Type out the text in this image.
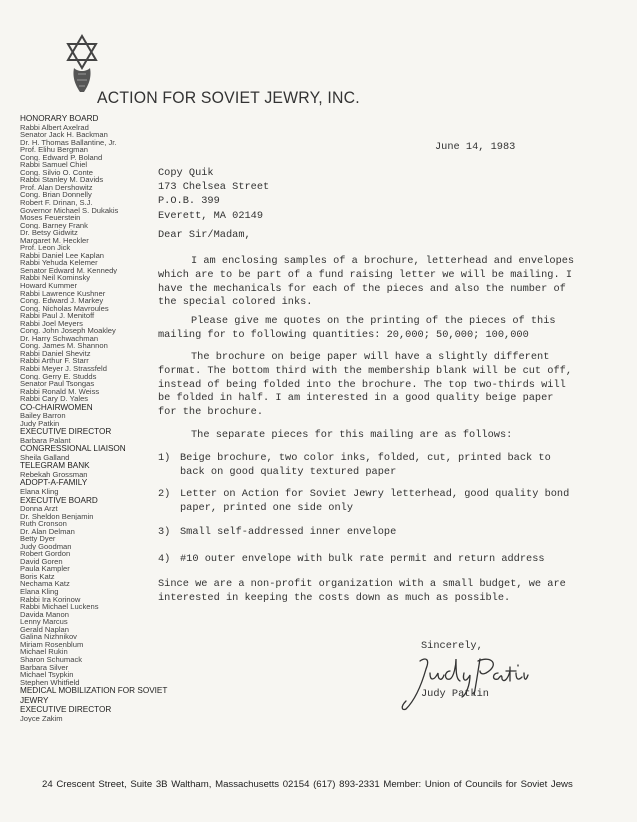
ACTION FOR SOVIET JEWRY, INC.
HONORARY BOARD
Rabbi Albert Axelrad
Senator Jack H. Backman
Dr. H. Thomas Ballantine, Jr.
Prof. Elihu Bergman
Cong. Edward P. Boland
Rabbi Samuel Chiel
Cong. Silvio O. Conte
Rabbi Stanley M. Davids
Prof. Alan Dershowitz
Cong. Brian Donnelly
Robert F. Drinan, S.J.
Governor Michael S. Dukakis
Moses Feuerstein
Cong. Barney Frank
Dr. Betsy Gidwitz
Margaret M. Heckler
Prof. Leon Jick
Rabbi Daniel Lee Kaplan
Rabbi Yehuda Kelemer
Senator Edward M. Kennedy
Rabbi Neil Kominsky
Howard Kummer
Rabbi Lawrence Kushner
Cong. Edward J. Markey
Cong. Nicholas Mavroules
Rabbi Paul J. Menitoff
Rabbi Joel Meyers
Cong. John Joseph Moakley
Dr. Harry Schwachman
Cong. James M. Shannon
Rabbi Daniel Shevitz
Rabbi Arthur F. Starr
Rabbi Meyer J. Strassfeld
Cong. Gerry E. Studds
Senator Paul Tsongas
Rabbi Ronald M. Weiss
Rabbi Cary D. Yales
CO-CHAIRWOMEN
Bailey Barron
Judy Patkin
EXECUTIVE DIRECTOR
Barbara Palant
CONGRESSIONAL LIAISON
Sheila Galland
TELEGRAM BANK
Rebekah Grossman
ADOPT-A-FAMILY
Elana Kling
EXECUTIVE BOARD
Donna Arzt
Dr. Sheldon Benjamin
Ruth Cronson
Dr. Alan Delman
Betty Dyer
Judy Goodman
Robert Gordon
David Goren
Paula Kampler
Boris Katz
Nechama Katz
Elana Kling
Rabbi Ira Korinow
Rabbi Michael Luckens
Davida Manon
Lenny Marcus
Gerald Naplan
Galina Nizhnikov
Miriam Rosenblum
Michael Rukin
Sharon Schumack
Barbara Silver
Michael Tsypkin
Stephen Whitfield
MEDICAL MOBILIZATION FOR SOVIET JEWRY
EXECUTIVE DIRECTOR
Joyce Zakim
June 14, 1983
Copy Quik
173 Chelsea Street
P.O.B. 399
Everett, MA 02149
Dear Sir/Madam,

I am enclosing samples of a brochure, letterhead and envelopes which are to be part of a fund raising letter we will be mailing. I have the mechanicals for each of the pieces and also the number of the special colored inks.

Please give me quotes on the printing of the pieces of this mailing for to following quantities: 20,000; 50,000; 100,000

The brochure on beige paper will have a slightly different format. The bottom third with the membership blank will be cut off, instead of being folded into the brochure. The top two-thirds will be folded in half. I am interested in a good quality beige paper for the brochure.

The separate pieces for this mailing are as follows:

1) Beige brochure, two color inks, folded, cut, printed back to back on good quality textured paper
2) Letter on Action for Soviet Jewry letterhead, good quality bond paper, printed one side only
3) Small self-addressed inner envelope
4) #10 outer envelope with bulk rate permit and return address

Since we are a non-profit organization with a small budget, we are interested in keeping the costs down as much as possible.

Sincerely,
Judy Patkin
24 Crescent Street, Suite 3B Waltham, Massachusetts 02154 (617) 893-2331 Member: Union of Councils for Soviet Jews
